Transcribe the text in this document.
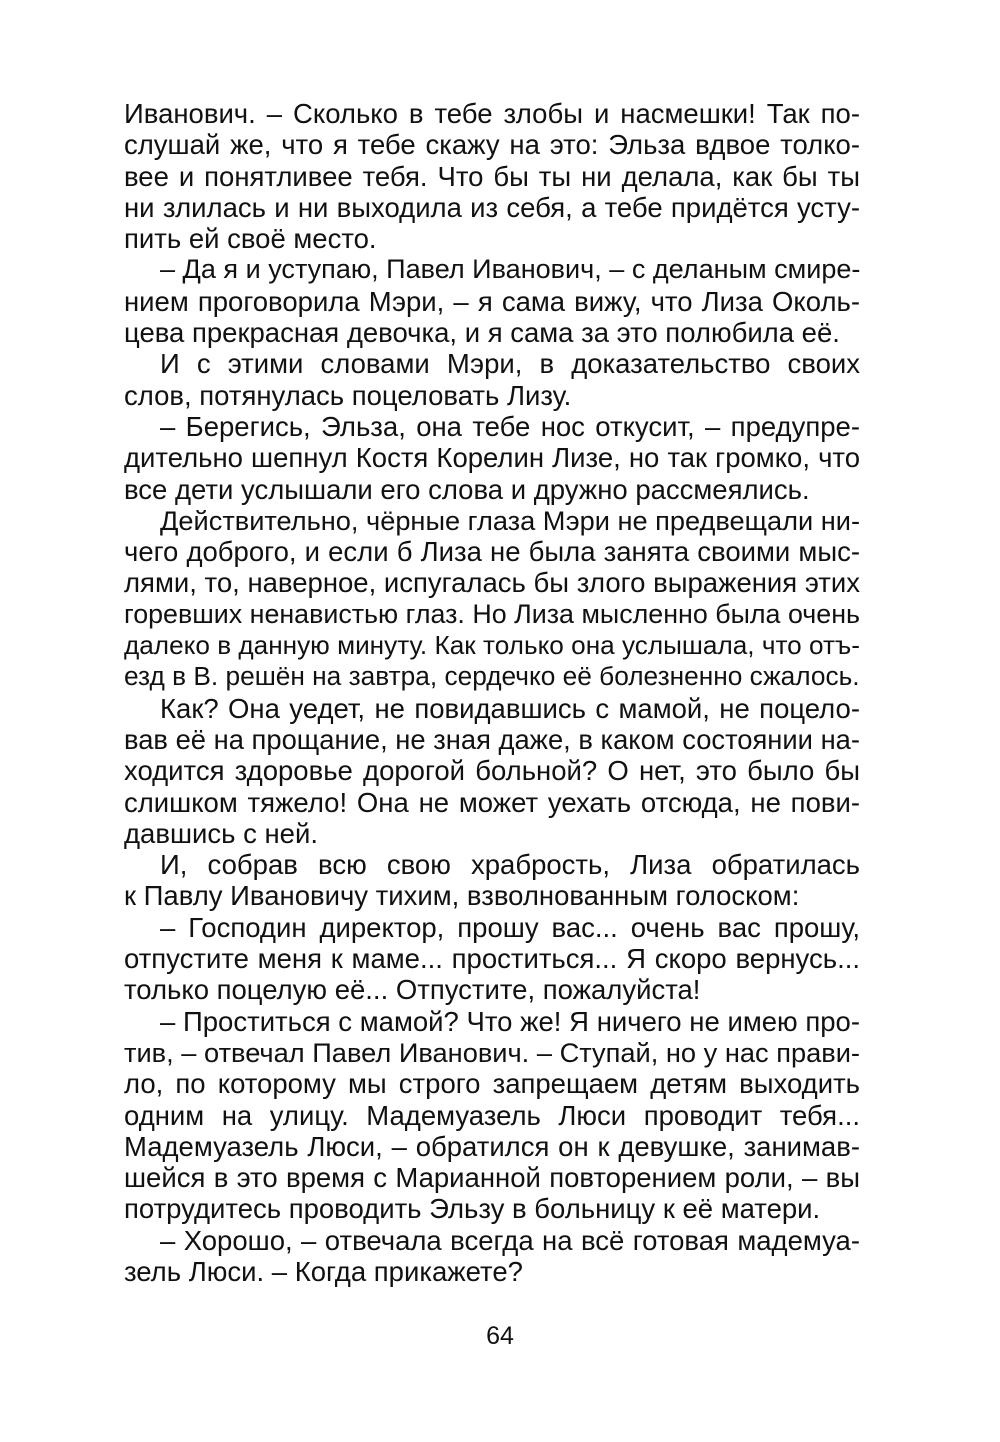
Иванович. – Сколько в тебе злобы и насмешки! Так по-
слушай же, что я тебе скажу на это: Эльза вдвое толко-
вее и понятливее тебя. Что бы ты ни делала, как бы ты
ни злилась и ни выходила из себя, а тебе придётся усту-
пить ей своё место.
– Да я и уступаю, Павел Иванович, – с деланым смире-
нием проговорила Мэри, – я сама вижу, что Лиза Околь-
цева прекрасная девочка, и я сама за это полюбила её.
И с этими словами Мэри, в доказательство своих
слов, потянулась поцеловать Лизу.
– Берегись, Эльза, она тебе нос откусит, – предупре-
дительно шепнул Костя Корелин Лизе, но так громко, что
все дети услышали его слова и дружно рассмеялись.
Действительно, чёрные глаза Мэри не предвещали ни-
чего доброго, и если б Лиза не была занята своими мыс-
лями, то, наверное, испугалась бы злого выражения этих
горевших ненавистью глаз. Но Лиза мысленно была очень
далеко в данную минуту. Как только она услышала, что отъ-
езд в В. решён на завтра, сердечко её болезненно сжалось.
Как? Она уедет, не повидавшись с мамой, не поцело-
вав её на прощание, не зная даже, в каком состоянии на-
ходится здоровье дорогой больной? О нет, это было бы
слишком тяжело! Она не может уехать отсюда, не пови-
давшись с ней.
И, собрав всю свою храбрость, Лиза обратилась
к Павлу Ивановичу тихим, взволнованным голоском:
– Господин директор, прошу вас... очень вас прошу,
отпустите меня к маме... проститься... Я скоро вернусь...
только поцелую её... Отпустите, пожалуйста!
– Проститься с мамой? Что же! Я ничего не имею про-
тив, – отвечал Павел Иванович. – Ступай, но у нас прави-
ло, по которому мы строго запрещаем детям выходить
одним на улицу. Мадемуазель Люси проводит тебя...
Мадемуазель Люси, – обратился он к девушке, занимав-
шейся в это время с Марианной повторением роли, – вы
потрудитесь проводить Эльзу в больницу к её матери.
– Хорошо, – отвечала всегда на всё готовая мадемуа-
зель Люси. – Когда прикажете?
64
